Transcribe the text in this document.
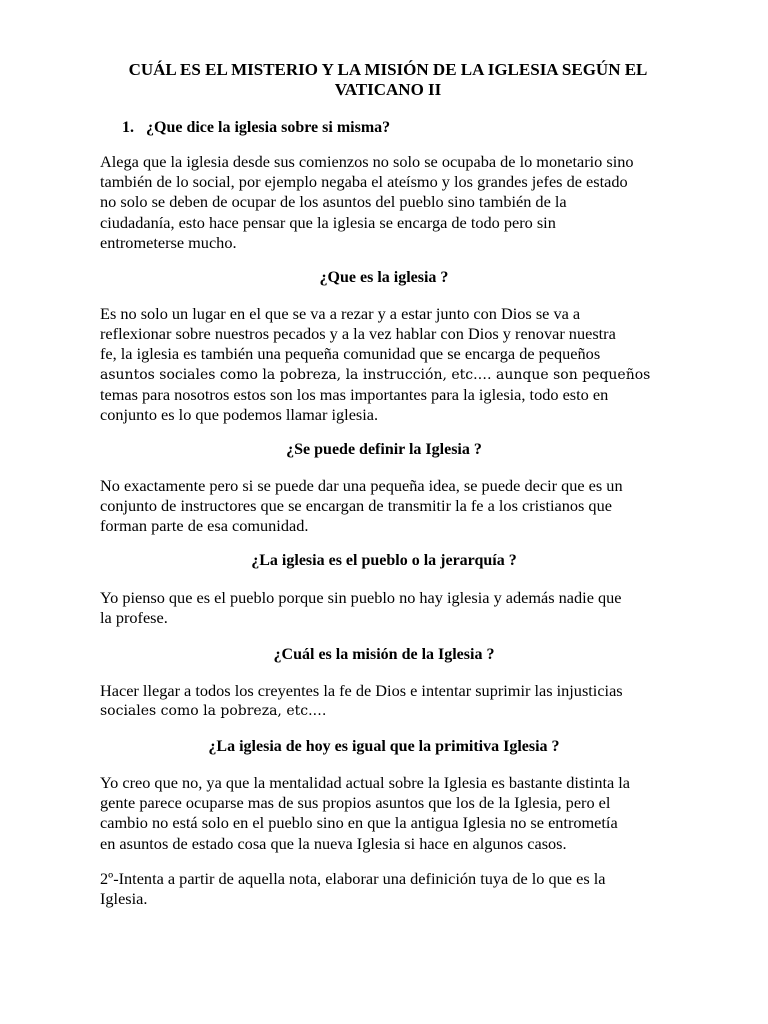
CUÁL ES EL MISTERIO Y LA MISIÓN DE LA IGLESIA SEGÚN EL
VATICANO II
1. ¿Que dice la iglesia sobre si misma?
Alega que la iglesia desde sus comienzos no solo se ocupaba de lo monetario sino
también de lo social, por ejemplo negaba el ateísmo y los grandes jefes de estado
no solo se deben de ocupar de los asuntos del pueblo sino también de la
ciudadanía, esto hace pensar que la iglesia se encarga de todo pero sin
entrometerse mucho.
¿Que es la iglesia ?
Es no solo un lugar en el que se va a rezar y a estar junto con Dios se va a
reflexionar sobre nuestros pecados y a la vez hablar con Dios y renovar nuestra
fe, la iglesia es también una pequeña comunidad que se encarga de pequeños
asuntos sociales como la pobreza, la instrucción, etc.… aunque son pequeños
temas para nosotros estos son los mas importantes para la iglesia, todo esto en
conjunto es lo que podemos llamar iglesia.
¿Se puede definir la Iglesia ?
No exactamente pero si se puede dar una pequeña idea, se puede decir que es un
conjunto de instructores que se encargan de transmitir la fe a los cristianos que
forman parte de esa comunidad.
¿La iglesia es el pueblo o la jerarquía ?
Yo pienso que es el pueblo porque sin pueblo no hay iglesia y además nadie que
la profese.
¿Cuál es la misión de la Iglesia ?
Hacer llegar a todos los creyentes la fe de Dios e intentar suprimir las injusticias
sociales como la pobreza, etc.…
¿La iglesia de hoy es igual que la primitiva Iglesia ?
Yo creo que no, ya que la mentalidad actual sobre la Iglesia es bastante distinta la
gente parece ocuparse mas de sus propios asuntos que los de la Iglesia, pero el
cambio no está solo en el pueblo sino en que la antigua Iglesia no se entrometía
en asuntos de estado cosa que la nueva Iglesia si hace en algunos casos.
2º-Intenta a partir de aquella nota, elaborar una definición tuya de lo que es la
Iglesia.
